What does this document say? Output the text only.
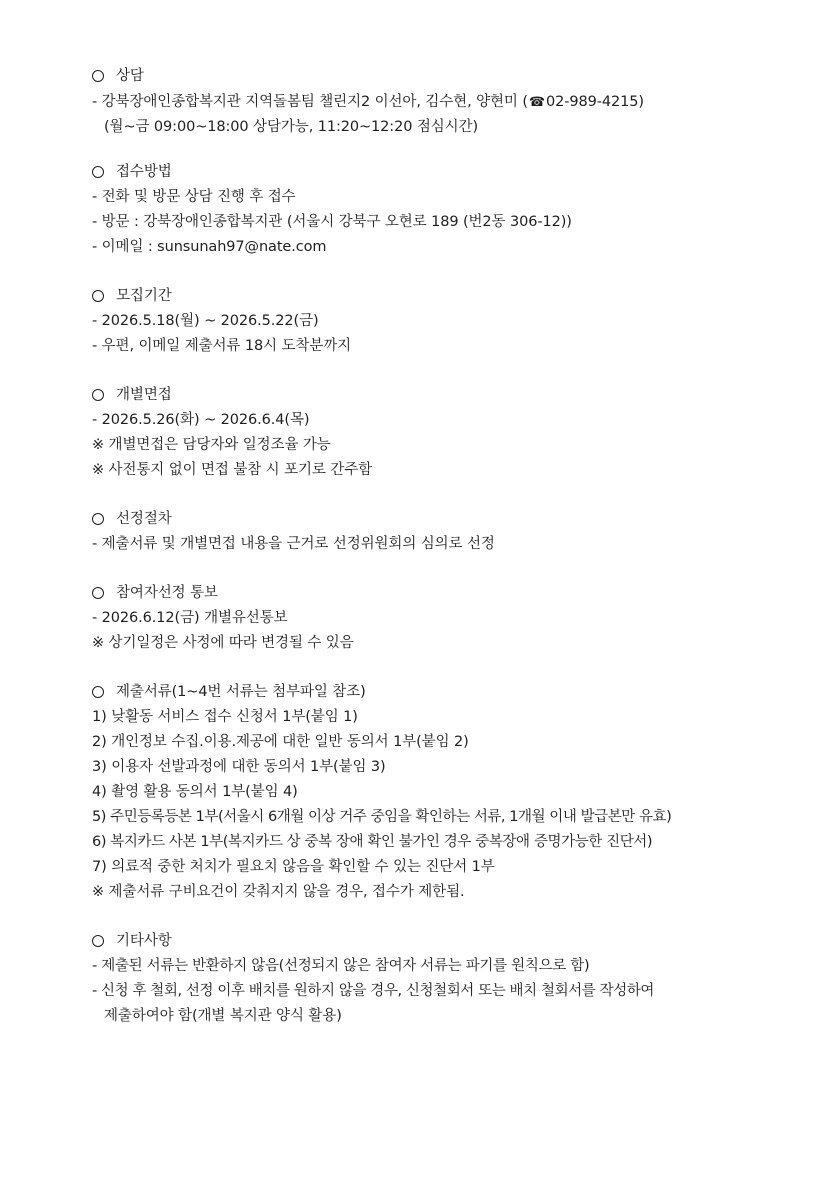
상담
- 강북장애인종합복지관 지역돌봄팀 챌린지2 이선아, 김수현, 양현미 (☎02-989-4215)
(월~금 09:00~18:00 상담가능, 11:20~12:20 점심시간)
접수방법
- 전화 및 방문 상담 진행 후 접수
- 방문 : 강북장애인종합복지관 (서울시 강북구 오현로 189 (번2동 306-12))
- 이메일 : sunsunah97@nate.com
모집기간
- 2026.5.18(월) ~ 2026.5.22(금)
- 우편, 이메일 제출서류 18시 도착분까지
개별면접
- 2026.5.26(화) ~ 2026.6.4(목)
※ 개별면접은 담당자와 일정조율 가능
※ 사전통지 없이 면접 불참 시 포기로 간주함
선정절차
- 제출서류 및 개별면접 내용을 근거로 선정위원회의 심의로 선정
참여자선정 통보
- 2026.6.12(금) 개별유선통보
※ 상기일정은 사정에 따라 변경될 수 있음
제출서류(1~4번 서류는 첨부파일 참조)
1) 낮활동 서비스 접수 신청서 1부(붙임 1)
2) 개인정보 수집.이용.제공에 대한 일반 동의서 1부(붙임 2)
3) 이용자 선발과정에 대한 동의서 1부(붙임 3)
4) 촬영 활용 동의서 1부(붙임 4)
5) 주민등록등본 1부(서울시 6개월 이상 거주 중임을 확인하는 서류, 1개월 이내 발급본만 유효)
6) 복지카드 사본 1부(복지카드 상 중복 장애 확인 불가인 경우 중복장애 증명가능한 진단서)
7) 의료적 중한 처치가 필요치 않음을 확인할 수 있는 진단서 1부
※ 제출서류 구비요건이 갖춰지지 않을 경우, 접수가 제한됨.
기타사항
- 제출된 서류는 반환하지 않음(선정되지 않은 참여자 서류는 파기를 원칙으로 함)
- 신청 후 철회, 선정 이후 배치를 원하지 않을 경우, 신청철회서 또는 배치 철회서를 작성하여
제출하여야 함(개별 복지관 양식 활용)
